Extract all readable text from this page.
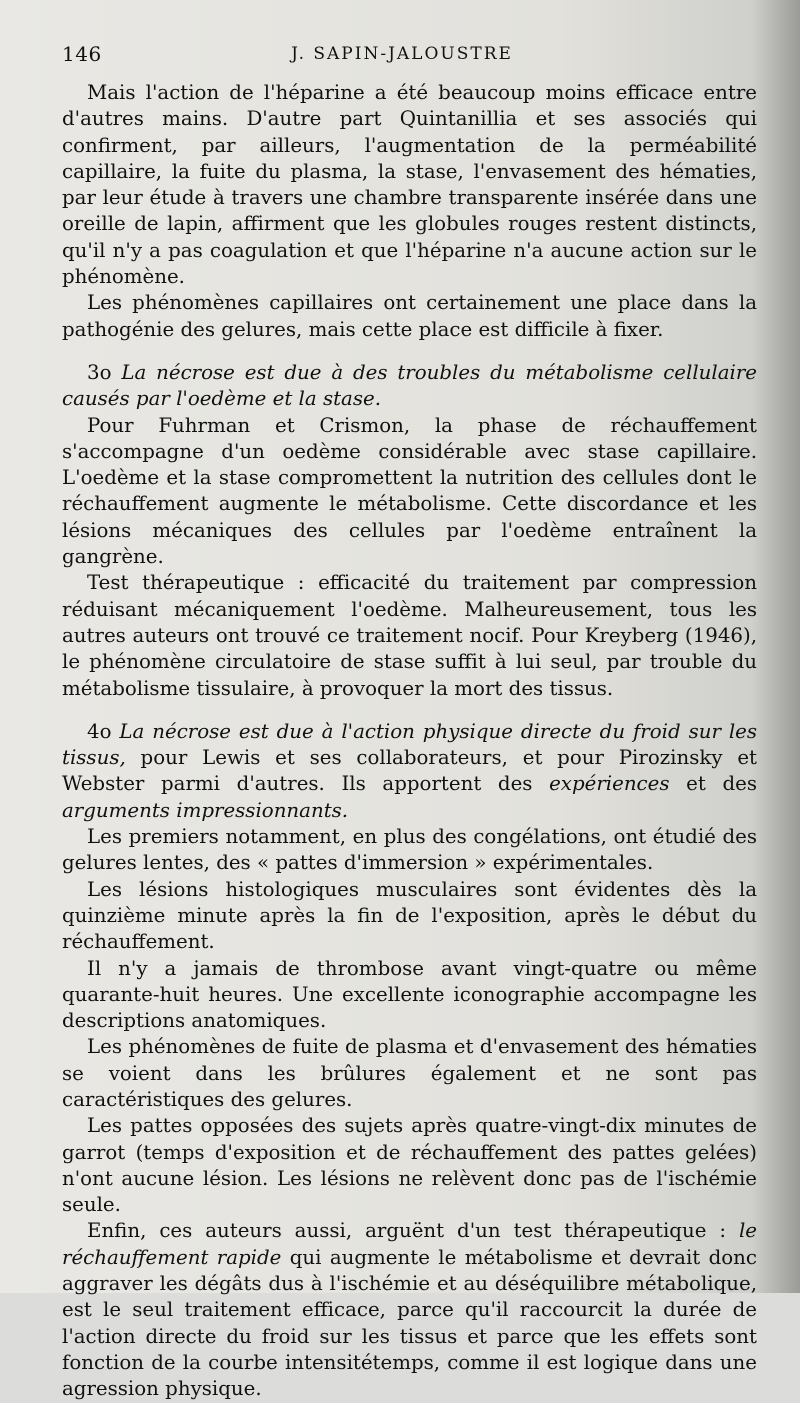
146	J. SAPIN-JALOUSTRE

Mais l'action de l'héparine a été beaucoup moins efficace entre d'autres mains. D'autre part Quintanillia et ses associés qui confirment, par ailleurs, l'augmentation de la perméabilité capillaire, la fuite du plasma, la stase, l'envasement des hématies, par leur étude à travers une chambre transparente insérée dans une oreille de lapin, affirment que les globules rouges restent distincts, qu'il n'y a pas coagulation et que l'héparine n'a aucune action sur le phénomène.

Les phénomènes capillaires ont certainement une place dans la pathogénie des gelures, mais cette place est difficile à fixer.

3o La nécrose est due à des troubles du métabolisme cellulaire causés par l'oedème et la stase.

Pour Fuhrman et Crismon, la phase de réchauffement s'accompagne d'un oedème considérable avec stase capillaire. L'oedème et la stase compromettent la nutrition des cellules dont le réchauffement augmente le métabolisme. Cette discordance et les lésions mécaniques des cellules par l'oedème entraînent la gangrène.

Test thérapeutique : efficacité du traitement par compression réduisant mécaniquement l'oedème. Malheureusement, tous les autres auteurs ont trouvé ce traitement nocif. Pour Kreyberg (1946), le phénomène circulatoire de stase suffit à lui seul, par trouble du métabolisme tissulaire, à provoquer la mort des tissus.

4o La nécrose est due à l'action physique directe du froid sur les tissus, pour Lewis et ses collaborateurs, et pour Pirozinsky et Webster parmi d'autres. Ils apportent des expériences et des arguments impressionnants.

Les premiers notamment, en plus des congélations, ont étudié des gelures lentes, des « pattes d'immersion » expérimentales.

Les lésions histologiques musculaires sont évidentes dès la quinzième minute après la fin de l'exposition, après le début du réchauffement.

Il n'y a jamais de thrombose avant vingt-quatre ou même quarante-huit heures. Une excellente iconographie accompagne les descriptions anatomiques.

Les phénomènes de fuite de plasma et d'envasement des hématies se voient dans les brûlures également et ne sont pas caractéristiques des gelures.

Les pattes opposées des sujets après quatre-vingt-dix minutes de garrot (temps d'exposition et de réchauffement des pattes gelées) n'ont aucune lésion. Les lésions ne relèvent donc pas de l'ischémie seule.

Enfin, ces auteurs aussi, arguënt d'un test thérapeutique : le réchauffement rapide qui augmente le métabolisme et devrait donc aggraver les dégâts dus à l'ischémie et au déséquilibre métabolique, est le seul traitement efficace, parce qu'il raccourcit la durée de l'action directe du froid sur les tissus et parce que les effets sont fonction de la courbe intensitétemps, comme il est logique dans une agression physique.
